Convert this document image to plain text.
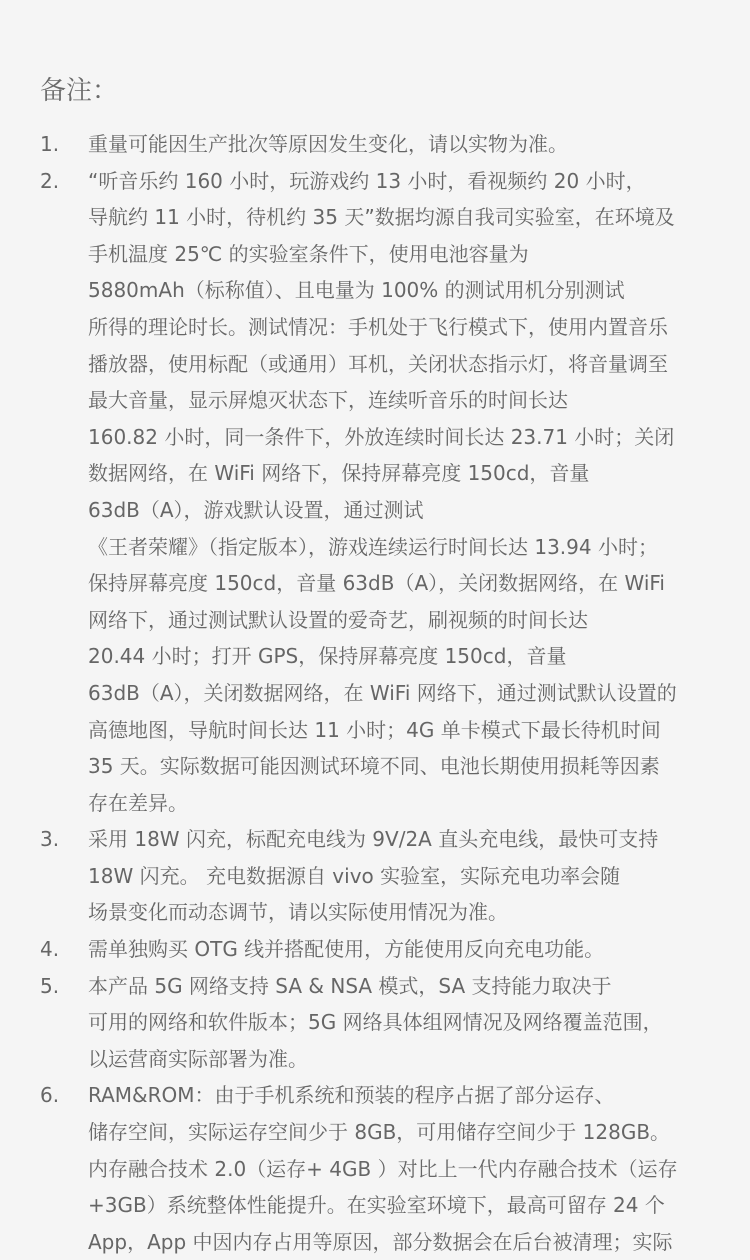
备注：
1. 重量可能因生产批次等原因发生变化，请以实物为准。
2. “听音乐约 160 小时，玩游戏约 13 小时，看视频约 20 小时，
导航约 11 小时，待机约 35 天”数据均源自我司实验室，在环境及
手机温度 25℃ 的实验室条件下，使用电池容量为
5880mAh（标称值）、且电量为 100% 的测试用机分别测试
所得的理论时长。测试情况：手机处于飞行模式下，使用内置音乐
播放器，使用标配（或通用）耳机，关闭状态指示灯，将音量调至
最大音量，显示屏熄灭状态下，连续听音乐的时间长达
160.82 小时，同一条件下，外放连续时间长达 23.71 小时；关闭
数据网络，在 WiFi 网络下，保持屏幕亮度 150cd，音量
63dB（A），游戏默认设置，通过测试
《王者荣耀》（指定版本），游戏连续运行时间长达 13.94 小时；
保持屏幕亮度 150cd，音量 63dB（A），关闭数据网络，在 WiFi
网络下，通过测试默认设置的爱奇艺，刷视频的时间长达
20.44 小时；打开 GPS，保持屏幕亮度 150cd，音量
63dB（A），关闭数据网络，在 WiFi 网络下，通过测试默认设置的
高德地图，导航时间长达 11 小时；4G 单卡模式下最长待机时间
35 天。实际数据可能因测试环境不同、电池长期使用损耗等因素
存在差异。
3. 采用 18W 闪充，标配充电线为 9V/2A 直头充电线，最快可支持
18W 闪充。 充电数据源自 vivo 实验室，实际充电功率会随
场景变化而动态调节，请以实际使用情况为准。
4. 需单独购买 OTG 线并搭配使用，方能使用反向充电功能。
5. 本产品 5G 网络支持 SA & NSA 模式，SA 支持能力取决于
可用的网络和软件版本；5G 网络具体组网情况及网络覆盖范围，
以运营商实际部署为准。
6. RAM&ROM：由于手机系统和预装的程序占据了部分运存、
储存空间，实际运存空间少于 8GB，可用储存空间少于 128GB。
内存融合技术 2.0（运存+ 4GB ）对比上一代内存融合技术（运存
+3GB）系统整体性能提升。在实验室环境下，最高可留存 24 个
App，App 中因内存占用等原因，部分数据会在后台被清理；实际
